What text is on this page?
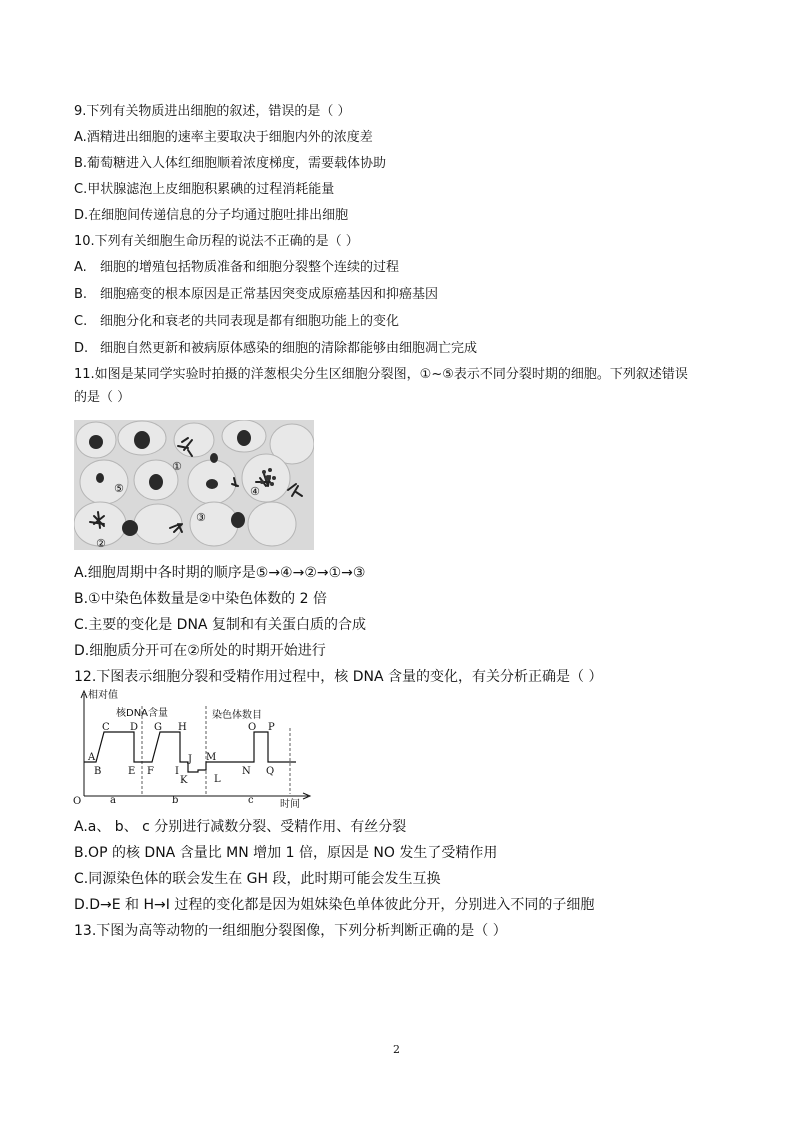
9.下列有关物质进出细胞的叙述，错误的是（ ）
A.酒精进出细胞的速率主要取决于细胞内外的浓度差
B.葡萄糖进入人体红细胞顺着浓度梯度，需要载体协助
C.甲状腺滤泡上皮细胞积累碘的过程消耗能量
D.在细胞间传递信息的分子均通过胞吐排出细胞
10.下列有关细胞生命历程的说法不正确的是（ ）
A.	细胞的增殖包括物质准备和细胞分裂整个连续的过程
B. 细胞癌变的根本原因是正常基因突变成原癌基因和抑癌基因
C. 细胞分化和衰老的共同表现是都有细胞功能上的变化
D. 细胞自然更新和被病原体感染的细胞的清除都能够由细胞凋亡完成
11.如图是某同学实验时拍摄的洋葱根尖分生区细胞分裂图，①~⑤表示不同分裂时期的细胞。下列叙述错误
的是（ ）
①
②
③
④
⑤
A.细胞周期中各时期的顺序是⑤→④→②→①→③
B.①中染色体数量是②中染色体数的 2 倍
C.主要的变化是 DNA 复制和有关蛋白质的合成
D.细胞质分开可在②所处的时期开始进行
12.下图表示细胞分裂和受精作用过程中，核 DNA 含量的变化，有关分析正确是（ ）
相对值
时间
O
核DNA含量	染色体数目
a	b	c
A
B
C D
E F
G H
I
J
K	L
M
N
O P
Q
A.a、 b、 c 分别进行减数分裂、受精作用、有丝分裂
B.OP 的核 DNA 含量比 MN 增加 1 倍，原因是 NO 发生了受精作用
C.同源染色体的联会发生在 GH 段，此时期可能会发生互换
D.D→E 和 H→I 过程的变化都是因为姐妹染色单体彼此分开，分别进入不同的子细胞
13.下图为高等动物的一组细胞分裂图像，下列分析判断正确的是（ ）
2
